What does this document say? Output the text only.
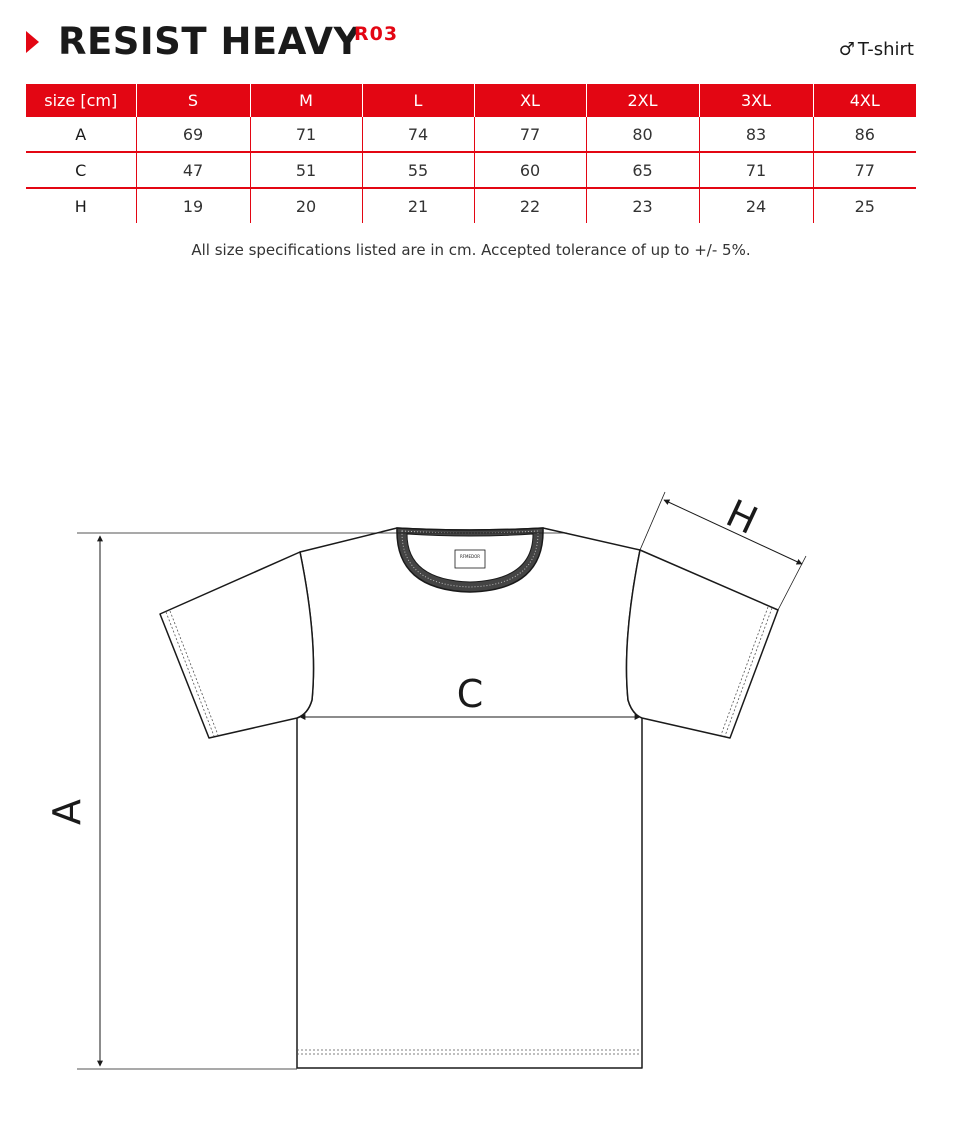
RESIST HEAVY
R03
♂ T-shirt
size [cm]	S	M	L	XL	2XL	3XL	4XL
A	69	71	74	77	80	83	86
C	47	51	55	60	65	71	77
H	19	20	21	22	23	24	25
All size specifications listed are in cm. Accepted tolerance of up to +/- 5%.
RFMEDOR
A
C
H
